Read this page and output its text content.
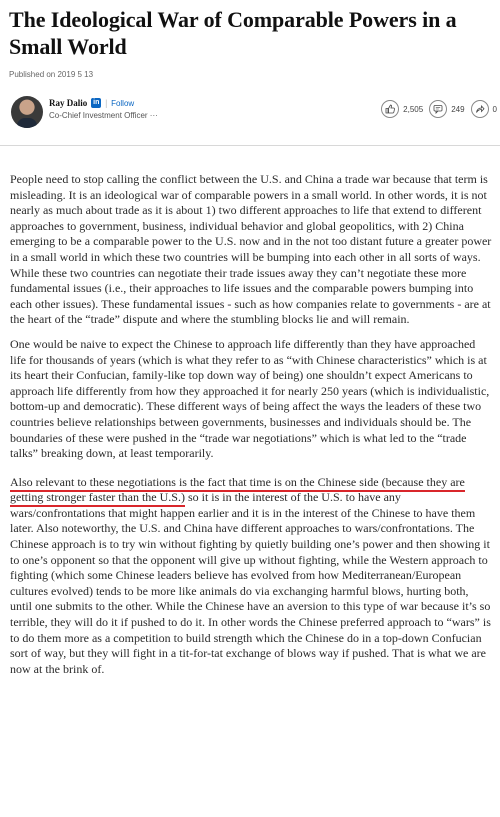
The Ideological War of Comparable Powers in a Small World
Published on 2019 5 13
Ray Dalio in | Follow
Co-Chief Investment Officer ···
2,505	249	0

People need to stop calling the conflict between the U.S. and China a trade war because that term is misleading. It is an ideological war of comparable powers in a small world. In other words, it is not nearly as much about trade as it is about 1) two different approaches to life that extend to different approaches to government, business, individual behavior and global geopolitics, with 2) China emerging to be a comparable power to the U.S. now and in the not too distant future a greater power in a small world in which these two countries will be bumping into each other in all sorts of ways. While these two countries can negotiate their trade issues away they can’t negotiate these more fundamental issues (i.e., their approaches to life issues and the comparable powers bumping into each other issues). These fundamental issues - such as how companies relate to governments - are at the heart of the “trade” dispute and where the stumbling blocks lie and will remain.

One would be naive to expect the Chinese to approach life differently than they have approached life for thousands of years (which is what they refer to as “with Chinese characteristics” which is at its heart their Confucian, family-like top down way of being) one shouldn’t expect Americans to approach life differently from how they approached it for nearly 250 years (which is individualistic, bottom-up and democratic). These different ways of being affect the ways the leaders of these two countries believe relationships between governments, businesses and individuals should be. The boundaries of these were pushed in the “trade war negotiations” which is what led to the “trade talks” breaking down, at least temporarily.

Also relevant to these negotiations is the fact that time is on the Chinese side (because they are getting stronger faster than the U.S.) so it is in the interest of the U.S. to have any wars/confrontations that might happen earlier and it is in the interest of the Chinese to have them later. Also noteworthy, the U.S. and China have different approaches to wars/confrontations. The Chinese approach is to try win without fighting by quietly building one’s power and then showing it to one’s opponent so that the opponent will give up without fighting, while the Western approach to fighting (which some Chinese leaders believe has evolved from how Mediterranean/European cultures evolved) tends to be more like animals do via exchanging harmful blows, hurting both, until one submits to the other. While the Chinese have an aversion to this type of war because it’s so terrible, they will do it if pushed to do it. In other words the Chinese preferred approach to “wars” is to do them more as a competition to build strength which the Chinese do in a top-down Confucian sort of way, but they will fight in a tit-for-tat exchange of blows way if pushed. That is what we are now at the brink of.
